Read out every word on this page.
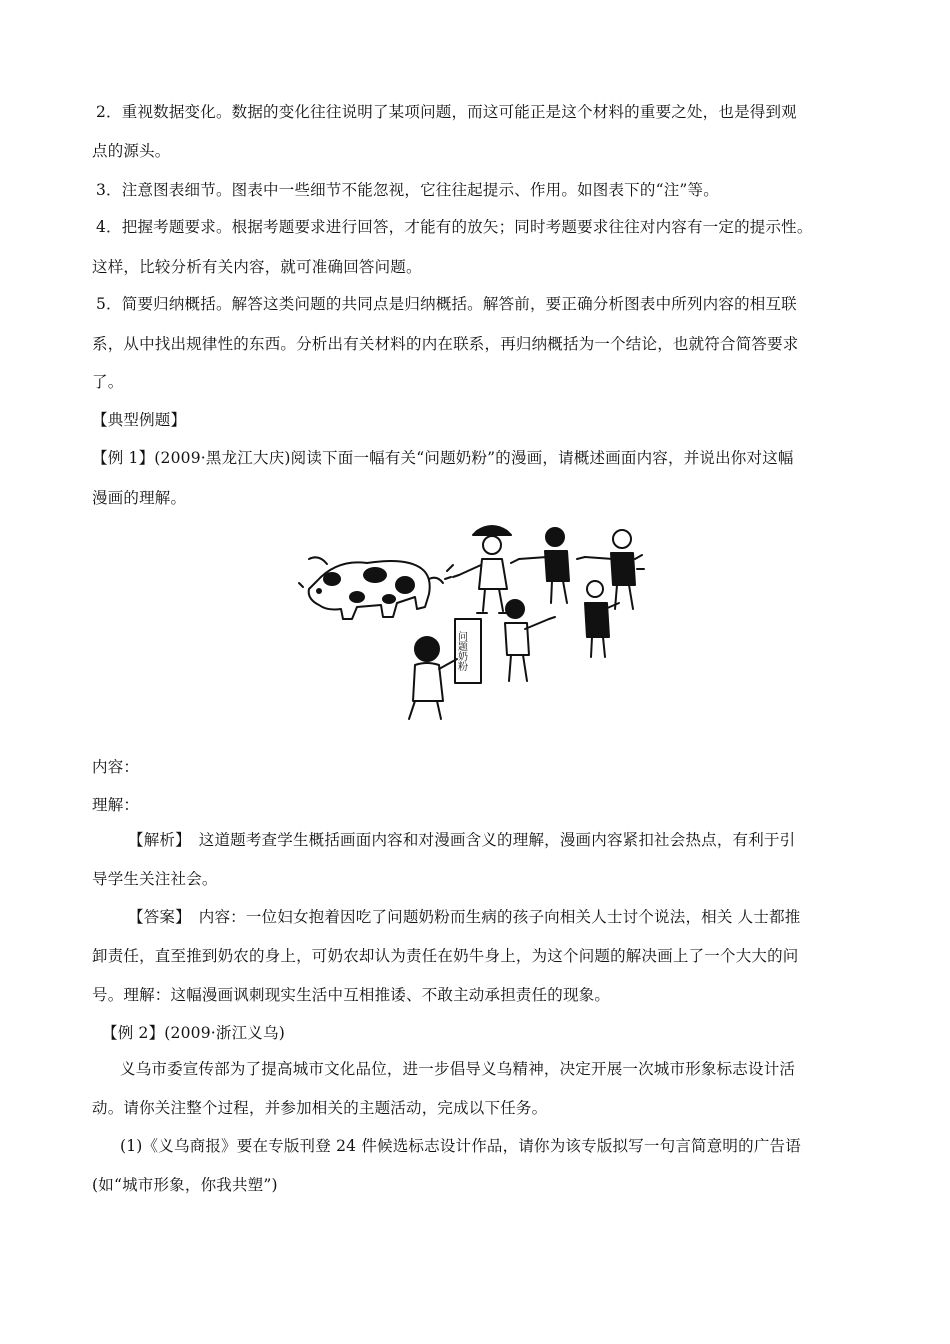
2．重视数据变化。数据的变化往往说明了某项问题，而这可能正是这个材料的重要之处，也是得到观
点的源头。
3．注意图表细节。图表中一些细节不能忽视，它往往起提示、作用。如图表下的“注”等。
4．把握考题要求。根据考题要求进行回答，才能有的放矢；同时考题要求往往对内容有一定的提示性。
这样，比较分析有关内容，就可准确回答问题。
5．简要归纳概括。解答这类问题的共同点是归纳概括。解答前，要正确分析图表中所列内容的相互联
系，从中找出规律性的东西。分析出有关材料的内在联系，再归纳概括为一个结论，也就符合简答要求
了。
【典型例题】
【例 1】(2009·黑龙江大庆)阅读下面一幅有关“问题奶粉”的漫画，请概述画面内容，并说出你对这幅
漫画的理解。
问题奶粉
内容：
理解：
【解析】　这道题考查学生概括画面内容和对漫画含义的理解，漫画内容紧扣社会热点，有利于引
导学生关注社会。
【答案】　内容：一位妇女抱着因吃了问题奶粉而生病的孩子向相关人士讨个说法，相关 人士都推
卸责任，直至推到奶农的身上，可奶农却认为责任在奶牛身上，为这个问题的解决画上了一个大大的问
号。理解：这幅漫画讽刺现实生活中互相推诿、不敢主动承担责任的现象。
【例 2】(2009·浙江义乌)
义乌市委宣传部为了提高城市文化品位，进一步倡导义乌精神，决定开展一次城市形象标志设计活
动。请你关注整个过程，并参加相关的主题活动，完成以下任务。
(1)《义乌商报》要在专版刊登 24 件候选标志设计作品，请你为该专版拟写一句言简意明的广告语
(如“城市形象，你我共塑”)
